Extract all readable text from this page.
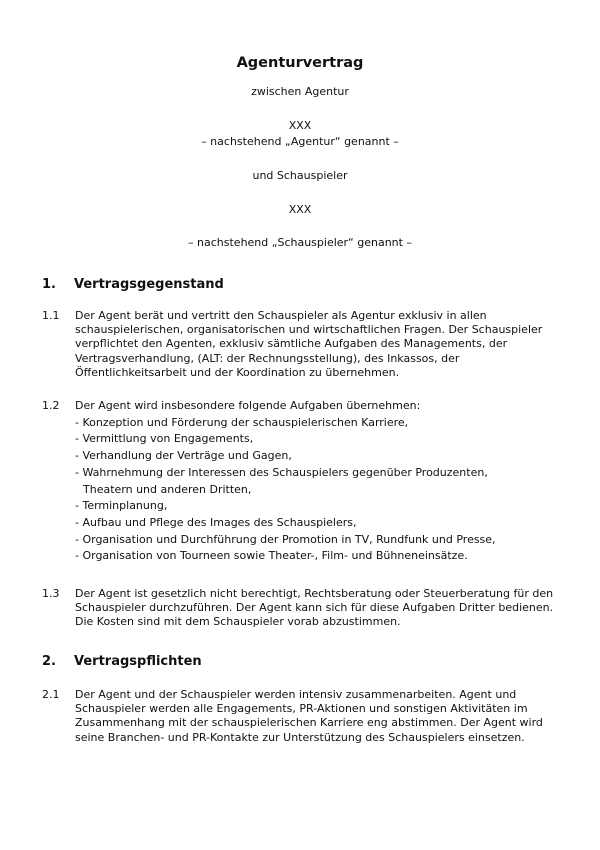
Agenturvertrag
zwischen Agentur
XXX
– nachstehend „Agentur“ genannt –
und Schauspieler
XXX
– nachstehend „Schauspieler“ genannt –
1. Vertragsgegenstand
1.1	Der Agent berät und vertritt den Schauspieler als Agentur exklusiv in allen schauspielerischen, organisatorischen und wirtschaftlichen Fragen. Der Schauspieler verpflichtet den Agenten, exklusiv sämtliche Aufgaben des Managements, der Vertragsverhandlung, (ALT: der Rechnungsstellung), des Inkassos, der Öffentlichkeitsarbeit und der Koordination zu übernehmen.
1.2	Der Agent wird insbesondere folgende Aufgaben übernehmen:
- Konzeption und Förderung der schauspielerischen Karriere,
- Vermittlung von Engagements,
- Verhandlung der Verträge und Gagen,
- Wahrnehmung der Interessen des Schauspielers gegenüber Produzenten,
Theatern und anderen Dritten,
- Terminplanung,
- Aufbau und Pflege des Images des Schauspielers,
- Organisation und Durchführung der Promotion in TV, Rundfunk und Presse,
- Organisation von Tourneen sowie Theater-, Film- und Bühneneinsätze.
1.3	Der Agent ist gesetzlich nicht berechtigt, Rechtsberatung oder Steuerberatung für den Schauspieler durchzuführen. Der Agent kann sich für diese Aufgaben Dritter bedienen. Die Kosten sind mit dem Schauspieler vorab abzustimmen.
2. Vertragspflichten
2.1	Der Agent und der Schauspieler werden intensiv zusammenarbeiten. Agent und Schauspieler werden alle Engagements, PR-Aktionen und sonstigen Aktivitäten im Zusammenhang mit der schauspielerischen Karriere eng abstimmen. Der Agent wird seine Branchen- und PR-Kontakte zur Unterstützung des Schauspielers einsetzen.
